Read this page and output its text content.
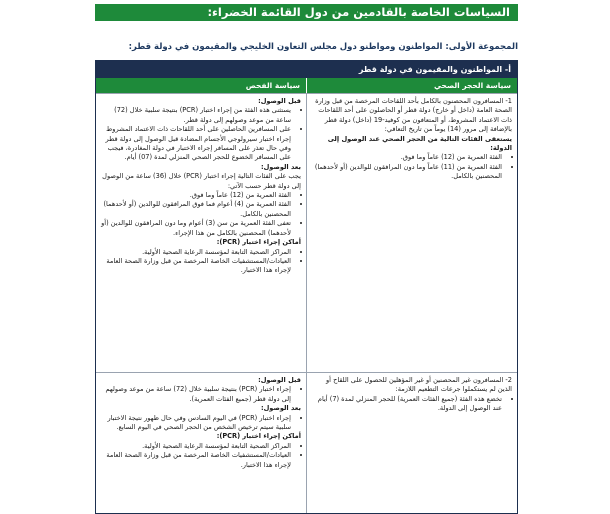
السياسات الخاصة بالقادمين من دول القائمة الخضراء:
المجموعة الأولى: المواطنون ومواطنو دول مجلس التعاون الخليجي والمقيمون في دولة قطر:
أ- المواطنون والمقيمون في دولة قطر
سياسة الحجر الصحي
سياسة الفحص

1- المسافرون المحصنون بالكامل بأحد اللقاحات المرخصة من قبل وزارة الصحة العامة (داخل أو خارج) دولة قطر أو الحاصلون على أحد اللقاحات ذات الاعتماد المشروط، أو المتعافون من كوفيد-19 (داخل) دولة قطر بالإضافة إلى مرور (14) يوماً من تاريخ التعافي:

يستعفى الفئات التالية من الحجر الصحي عند الوصول إلى الدولة:

• الفئة العمرية من (12) عاماً وما فوق.
• الفئة العمرية من (11) عاماً وما دون المرافقون للوالدين (أو لأحدهما) المحصنين بالكامل.

قبل الوصول:

• يستثنى هذه الفئة من إجراء اختبار (PCR) بنتيجة سلبية خلال (72) ساعة من موعد وصولهم إلى دولة قطر.
• على المسافرين الحاصلين على أحد اللقاحات ذات الاعتماد المشروط إجراء اختبار سيرولوجي الأجسام المضادة قبل الوصول إلى دولة قطر وفي حال تعذر على المسافر إجراء الاختبار في دولة المغادرة، فيجب على المسافر الخضوع للحجر الصحي المنزلي لمدة (07) أيام.

بعد الوصول:

يجب على الفئات التالية إجراء اختبار (PCR) خلال (36) ساعة من الوصول إلى دولة قطر حسب الآتي:

• الفئة العمرية من (12) عاماً وما فوق.
• الفئة العمرية من (4) أعوام فما فوق المرافقون للوالدين (أو لأحدهما) المحصنين بالكامل.
• تعفى الفئة العمرية من سن (3) أعوام وما دون المرافقون للوالدين (أو لأحدهما) المحصنين بالكامل من هذا الإجراء.

أماكن إجراء اختبار (PCR):

• المراكز الصحية التابعة لمؤسسة الرعاية الصحية الأولية.
• العيادات/المستشفيات الخاصة المرخصة من قبل وزارة الصحة العامة لإجراء هذا الاختبار.

2- المسافرون غير المحصنين أو غير المؤهلين للحصول على اللقاح أو الذين لم يستكملوا جرعات التطعيم اللازمة:

• تخضع هذه الفئة (جميع الفئات العمرية) للحجر المنزلي لمدة (7) أيام عند الوصول إلى الدولة.

قبل الوصول:

• إجراء اختبار (PCR) بنتيجة سلبية خلال (72) ساعة من موعد وصولهم إلى دولة قطر (جميع الفئات العمرية).

بعد الوصول:

• إجراء اختبار (PCR) في اليوم السادس وفي حال ظهور نتيجة الاختبار سلبية سيتم ترخيص الشخص من الحجر الصحي في اليوم السابع.

أماكن إجراء اختبار (PCR):

• المراكز الصحية التابعة لمؤسسة الرعاية الصحية الأولية.
• العيادات/المستشفيات الخاصة المرخصة من قبل وزارة الصحة العامة لإجراء هذا الاختبار.
